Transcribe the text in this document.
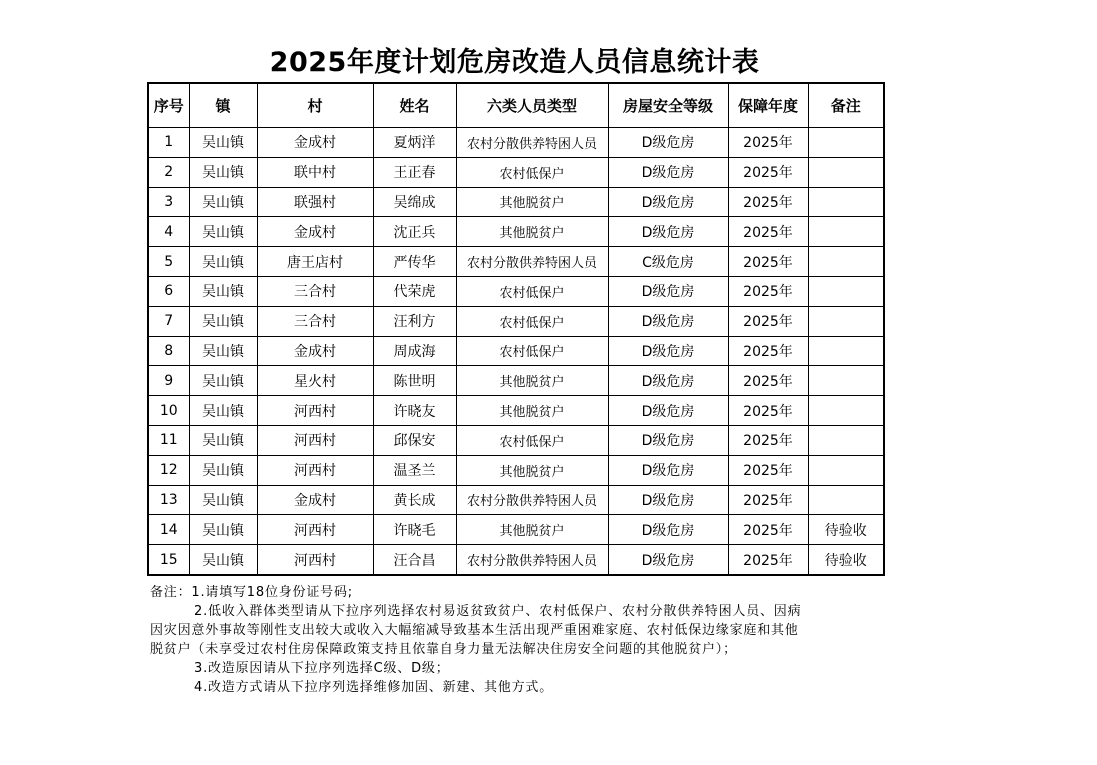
2025年度计划危房改造人员信息统计表
序号	镇	村	姓名	六类人员类型	房屋安全等级	保障年度	备注
1	吴山镇	金成村	夏炳洋	农村分散供养特困人员	D级危房	2025年	
2	吴山镇	联中村	王正春	农村低保户	D级危房	2025年	
3	吴山镇	联强村	吴绵成	其他脱贫户	D级危房	2025年	
4	吴山镇	金成村	沈正兵	其他脱贫户	D级危房	2025年	
5	吴山镇	唐王店村	严传华	农村分散供养特困人员	C级危房	2025年	
6	吴山镇	三合村	代荣虎	农村低保户	D级危房	2025年	
7	吴山镇	三合村	汪利方	农村低保户	D级危房	2025年	
8	吴山镇	金成村	周成海	农村低保户	D级危房	2025年	
9	吴山镇	星火村	陈世明	其他脱贫户	D级危房	2025年	
10	吴山镇	河西村	许晓友	其他脱贫户	D级危房	2025年	
11	吴山镇	河西村	邱保安	农村低保户	D级危房	2025年	
12	吴山镇	河西村	温圣兰	其他脱贫户	D级危房	2025年	
13	吴山镇	金成村	黄长成	农村分散供养特困人员	D级危房	2025年	
14	吴山镇	河西村	许晓毛	其他脱贫户	D级危房	2025年	待验收
15	吴山镇	河西村	汪合昌	农村分散供养特困人员	D级危房	2025年	待验收

备注：1.请填写18位身份证号码;

2.低收入群体类型请从下拉序列选择农村易返贫致贫户、农村低保户、农村分散供养特困人员、因病

因灾因意外事故等刚性支出较大或收入大幅缩减导致基本生活出现严重困难家庭、农村低保边缘家庭和其他

脱贫户（未享受过农村住房保障政策支持且依靠自身力量无法解决住房安全问题的其他脱贫户）；

3.改造原因请从下拉序列选择C级、D级；

4.改造方式请从下拉序列选择维修加固、新建、其他方式。
